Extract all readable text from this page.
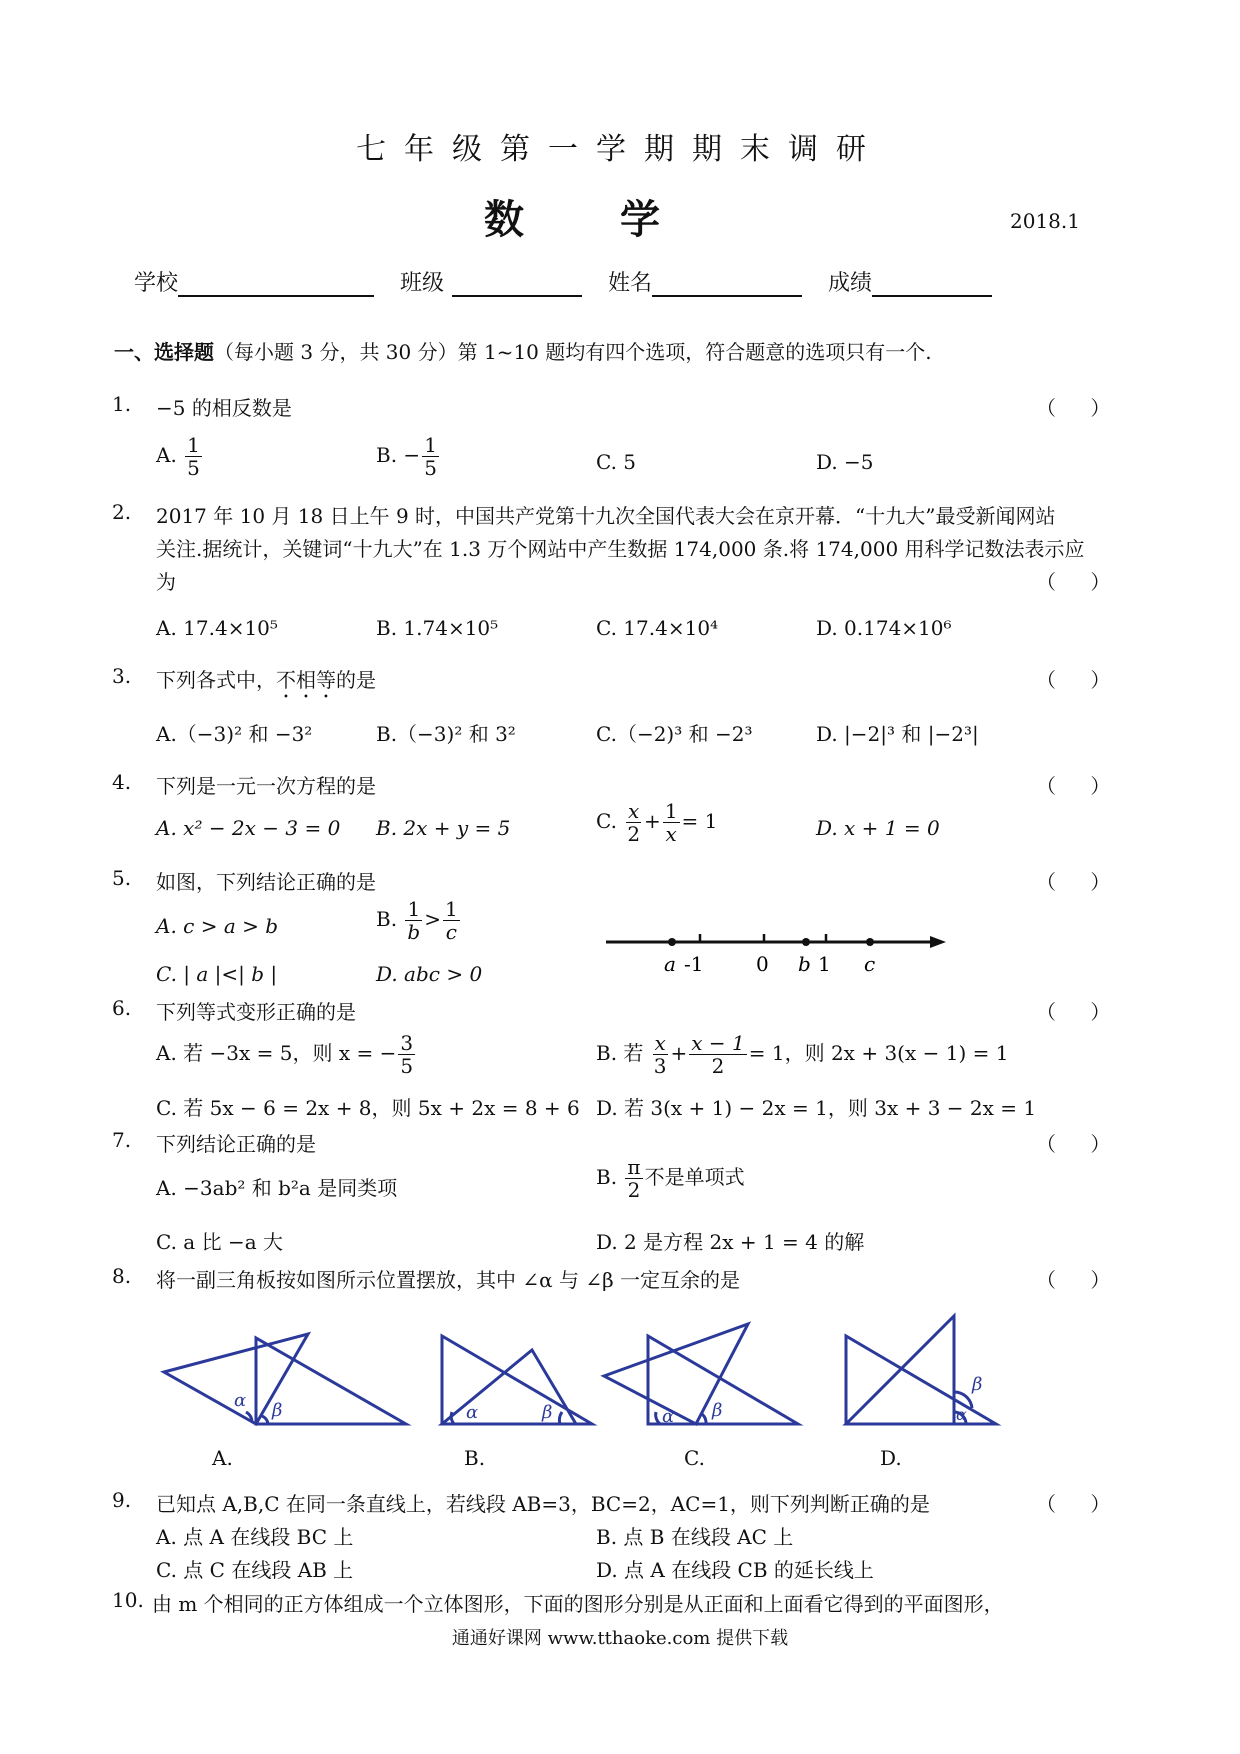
七年级第一学期期末调研
数学	2018.1
学校	班级	姓名	成绩
一、选择题（每小题 3 分，共 30 分）第 1~10 题均有四个选项，符合题意的选项只有一个.
1. −5 的相反数是	（ ）
A. $\frac{1}{5}$	B. − $\frac{1}{5}$	C. 5	D. −5
2. 2017 年 10 月 18 日上午 9 时，中国共产党第十九次全国代表大会在京开幕．“十九大”最受新闻网站
关注.据统计，关键词“十九大”在 1.3 万个网站中产生数据 174,000 条.将 174,000 用科学记数法表示应
为	（ ）
A. 17.4×10⁵	B. 1.74×10⁵	C. 17.4×10⁴	D. 0.174×10⁶
3. 下列各式中，不相等的是	（ ）
A.（−3)² 和 −3²	B.（−3)² 和 3²	C.（−2)³ 和 −2³	D. |−2|³ 和 |−2³|
4. 下列是一元一次方程的是	（ ）
A. x² − 2x − 3 = 0 B. 2x + y = 5	C. $\frac{x}{2} + \frac{1}{x} = 1$	D. x + 1 = 0
5. 如图，下列结论正确的是	（ ）
A. c > a > b	B. $\frac{1}{b} > \frac{1}{c}$
C. | a |<| b |	D. abc > 0	a -1	0 b 1 c
6. 下列等式变形正确的是	（ ）
A. 若 −3x = 5，则 x = − $\frac{3}{5}$	B. 若 $\frac{x}{3} + \frac{x - 1}{2} = 1$，则 2x + 3(x − 1) = 1
C. 若 5x − 6 = 2x + 8，则 5x + 2x = 8 + 6 D. 若 3(x + 1) − 2x = 1，则 3x + 3 − 2x = 1
7. 下列结论正确的是	（ ）
A. −3ab² 和 b²a 是同类项	B. $\frac{\pi}{2}$ 不是单项式
C. a 比 −a 大	D. 2 是方程 2x + 1 = 4 的解
8. 将一副三角板按如图所示位置摆放，其中 ∠α 与 ∠β 一定互余的是	（ ）
α β	α	β	α β
β
α
A.	B.	C.	D.
9. 已知点 A,B,C 在同一条直线上，若线段 AB=3，BC=2，AC=1，则下列判断正确的是	（ ）
A. 点 A 在线段 BC 上	B. 点 B 在线段 AC 上
C. 点 C 在线段 AB 上	D. 点 A 在线段 CB 的延长线上
10. 由 m 个相同的正方体组成一个立体图形，下面的图形分别是从正面和上面看它得到的平面图形，
通通好课网 www.tthaoke.com 提供下载
